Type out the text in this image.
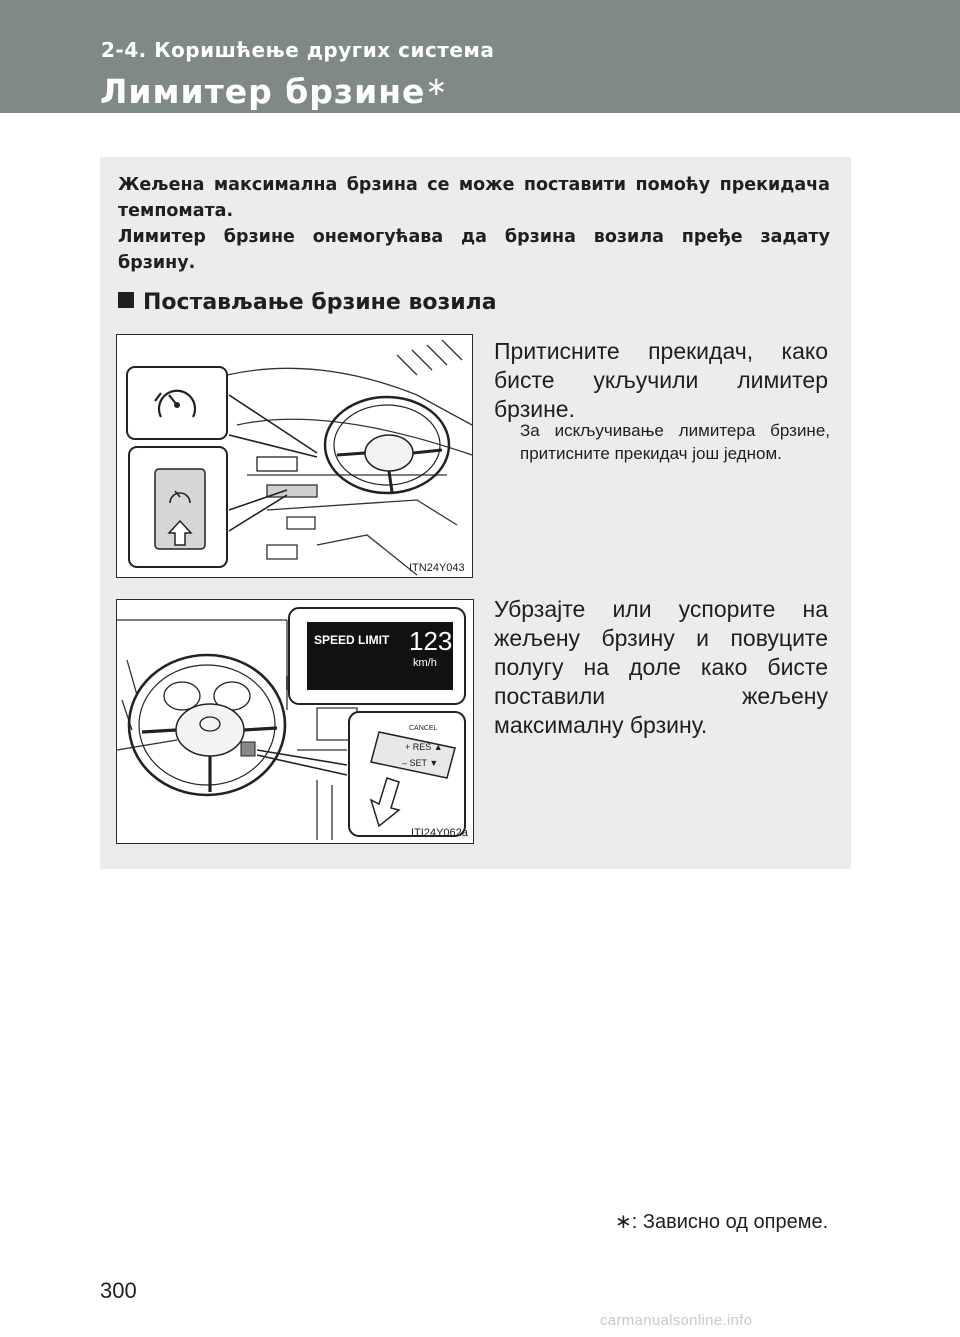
2-4. Коришћење других система
Лимитер брзине∗
Жељена максимална брзина се може поставити помоћу прекидача темпомата.
Лимитер брзине онемогућава да брзина возила пређе задату брзину.
Постављање брзине возила
ITN24Y043
Притисните прекидач, како бисте укључили лимитер брзине.
За искључивање лимитера брзине, притисните прекидач још једном.
SPEED LIMIT 123
km/h
+ RES ▲
– SET ▼
CANCEL
ITI24Y062a
Убрзајте или успорите на жељену брзину и повуците полугу на доле како бисте поставили жељену максималну брзину.
∗: Зависно од опреме.
300
carmanualsonline.info
